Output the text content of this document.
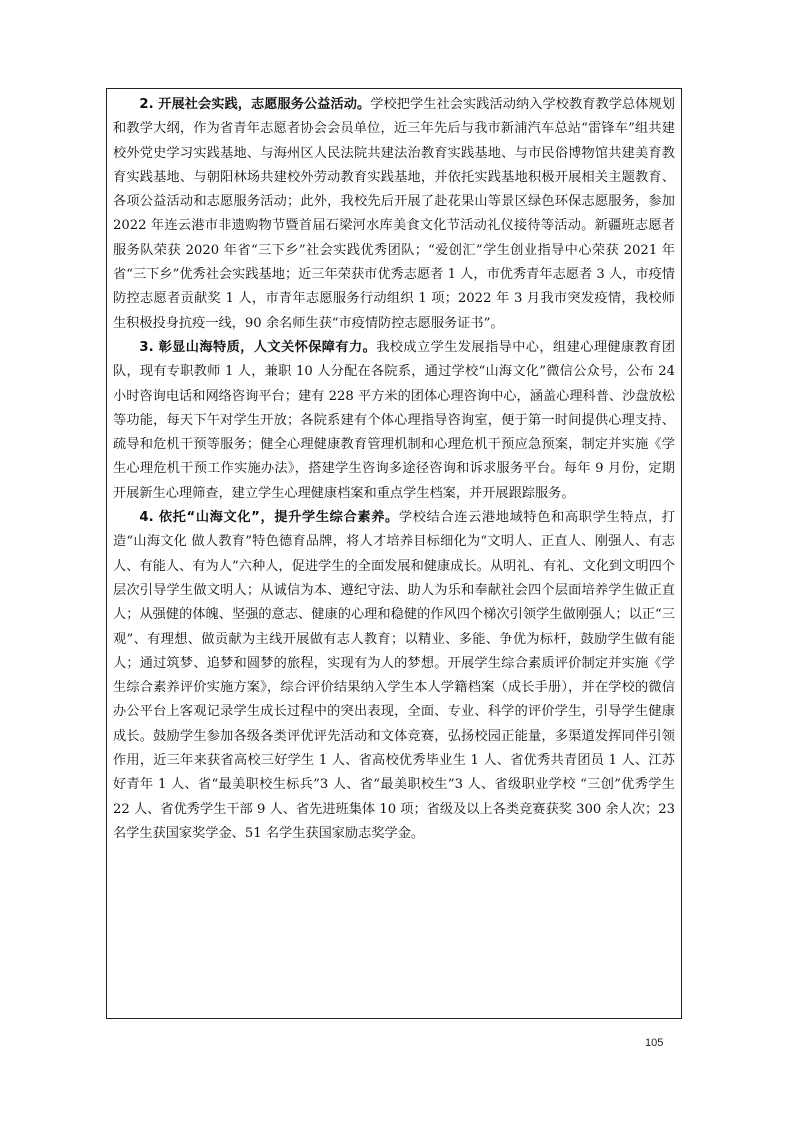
2. 开展社会实践，志愿服务公益活动。学校把学生社会实践活动纳入学校教育教学总体规划和教学大纲，作为省青年志愿者协会会员单位，近三年先后与我市新浦汽车总站“雷锋车”组共建校外党史学习实践基地、与海州区人民法院共建法治教育实践基地、与市民俗博物馆共建美育教育实践基地、与朝阳林场共建校外劳动教育实践基地，并依托实践基地积极开展相关主题教育、各项公益活动和志愿服务活动；此外，我校先后开展了赴花果山等景区绿色环保志愿服务，参加 2022 年连云港市非遗购物节暨首届石梁河水库美食文化节活动礼仪接待等活动。新疆班志愿者服务队荣获 2020 年省“三下乡”社会实践优秀团队；“爱创汇”学生创业指导中心荣获 2021 年省“三下乡”优秀社会实践基地；近三年荣获市优秀志愿者 1 人，市优秀青年志愿者 3 人，市疫情防控志愿者贡献奖 1 人，市青年志愿服务行动组织 1 项；2022 年 3 月我市突发疫情，我校师生积极投身抗疫一线，90 余名师生获“市疫情防控志愿服务证书”。

3. 彰显山海特质，人文关怀保障有力。我校成立学生发展指导中心，组建心理健康教育团队，现有专职教师 1 人，兼职 10 人分配在各院系，通过学校“山海文化”微信公众号，公布 24 小时咨询电话和网络咨询平台；建有 228 平方米的团体心理咨询中心，涵盖心理科普、沙盘放松等功能，每天下午对学生开放；各院系建有个体心理指导咨询室，便于第一时间提供心理支持、疏导和危机干预等服务；健全心理健康教育管理机制和心理危机干预应急预案，制定并实施《学生心理危机干预工作实施办法》，搭建学生咨询多途径咨询和诉求服务平台。每年 9 月份，定期开展新生心理筛查，建立学生心理健康档案和重点学生档案，并开展跟踪服务。

4. 依托“山海文化”，提升学生综合素养。学校结合连云港地域特色和高职学生特点，打造“山海文化 做人教育”特色德育品牌，将人才培养目标细化为“文明人、正直人、刚强人、有志人、有能人、有为人”六种人，促进学生的全面发展和健康成长。从明礼、有礼、文化到文明四个层次引导学生做文明人；从诚信为本、遵纪守法、助人为乐和奉献社会四个层面培养学生做正直人；从强健的体魄、坚强的意志、健康的心理和稳健的作风四个梯次引领学生做刚强人；以正“三观”、有理想、做贡献为主线开展做有志人教育；以精业、多能、争优为标杆，鼓励学生做有能人；通过筑梦、追梦和圆梦的旅程，实现有为人的梦想。开展学生综合素质评价制定并实施《学生综合素养评价实施方案》，综合评价结果纳入学生本人学籍档案（成长手册），并在学校的微信办公平台上客观记录学生成长过程中的突出表现，全面、专业、科学的评价学生，引导学生健康成长。鼓励学生参加各级各类评优评先活动和文体竞赛，弘扬校园正能量，多渠道发挥同伴引领作用，近三年来获省高校三好学生 1 人、省高校优秀毕业生 1 人、省优秀共青团员 1 人、江苏好青年 1 人、省“最美职校生标兵”3 人、省“最美职校生”3 人、省级职业学校 “三创”优秀学生 22 人、省优秀学生干部 9 人、省先进班集体 10 项；省级及以上各类竞赛获奖 300 余人次；23 名学生获国家奖学金、51 名学生获国家励志奖学金。

105
